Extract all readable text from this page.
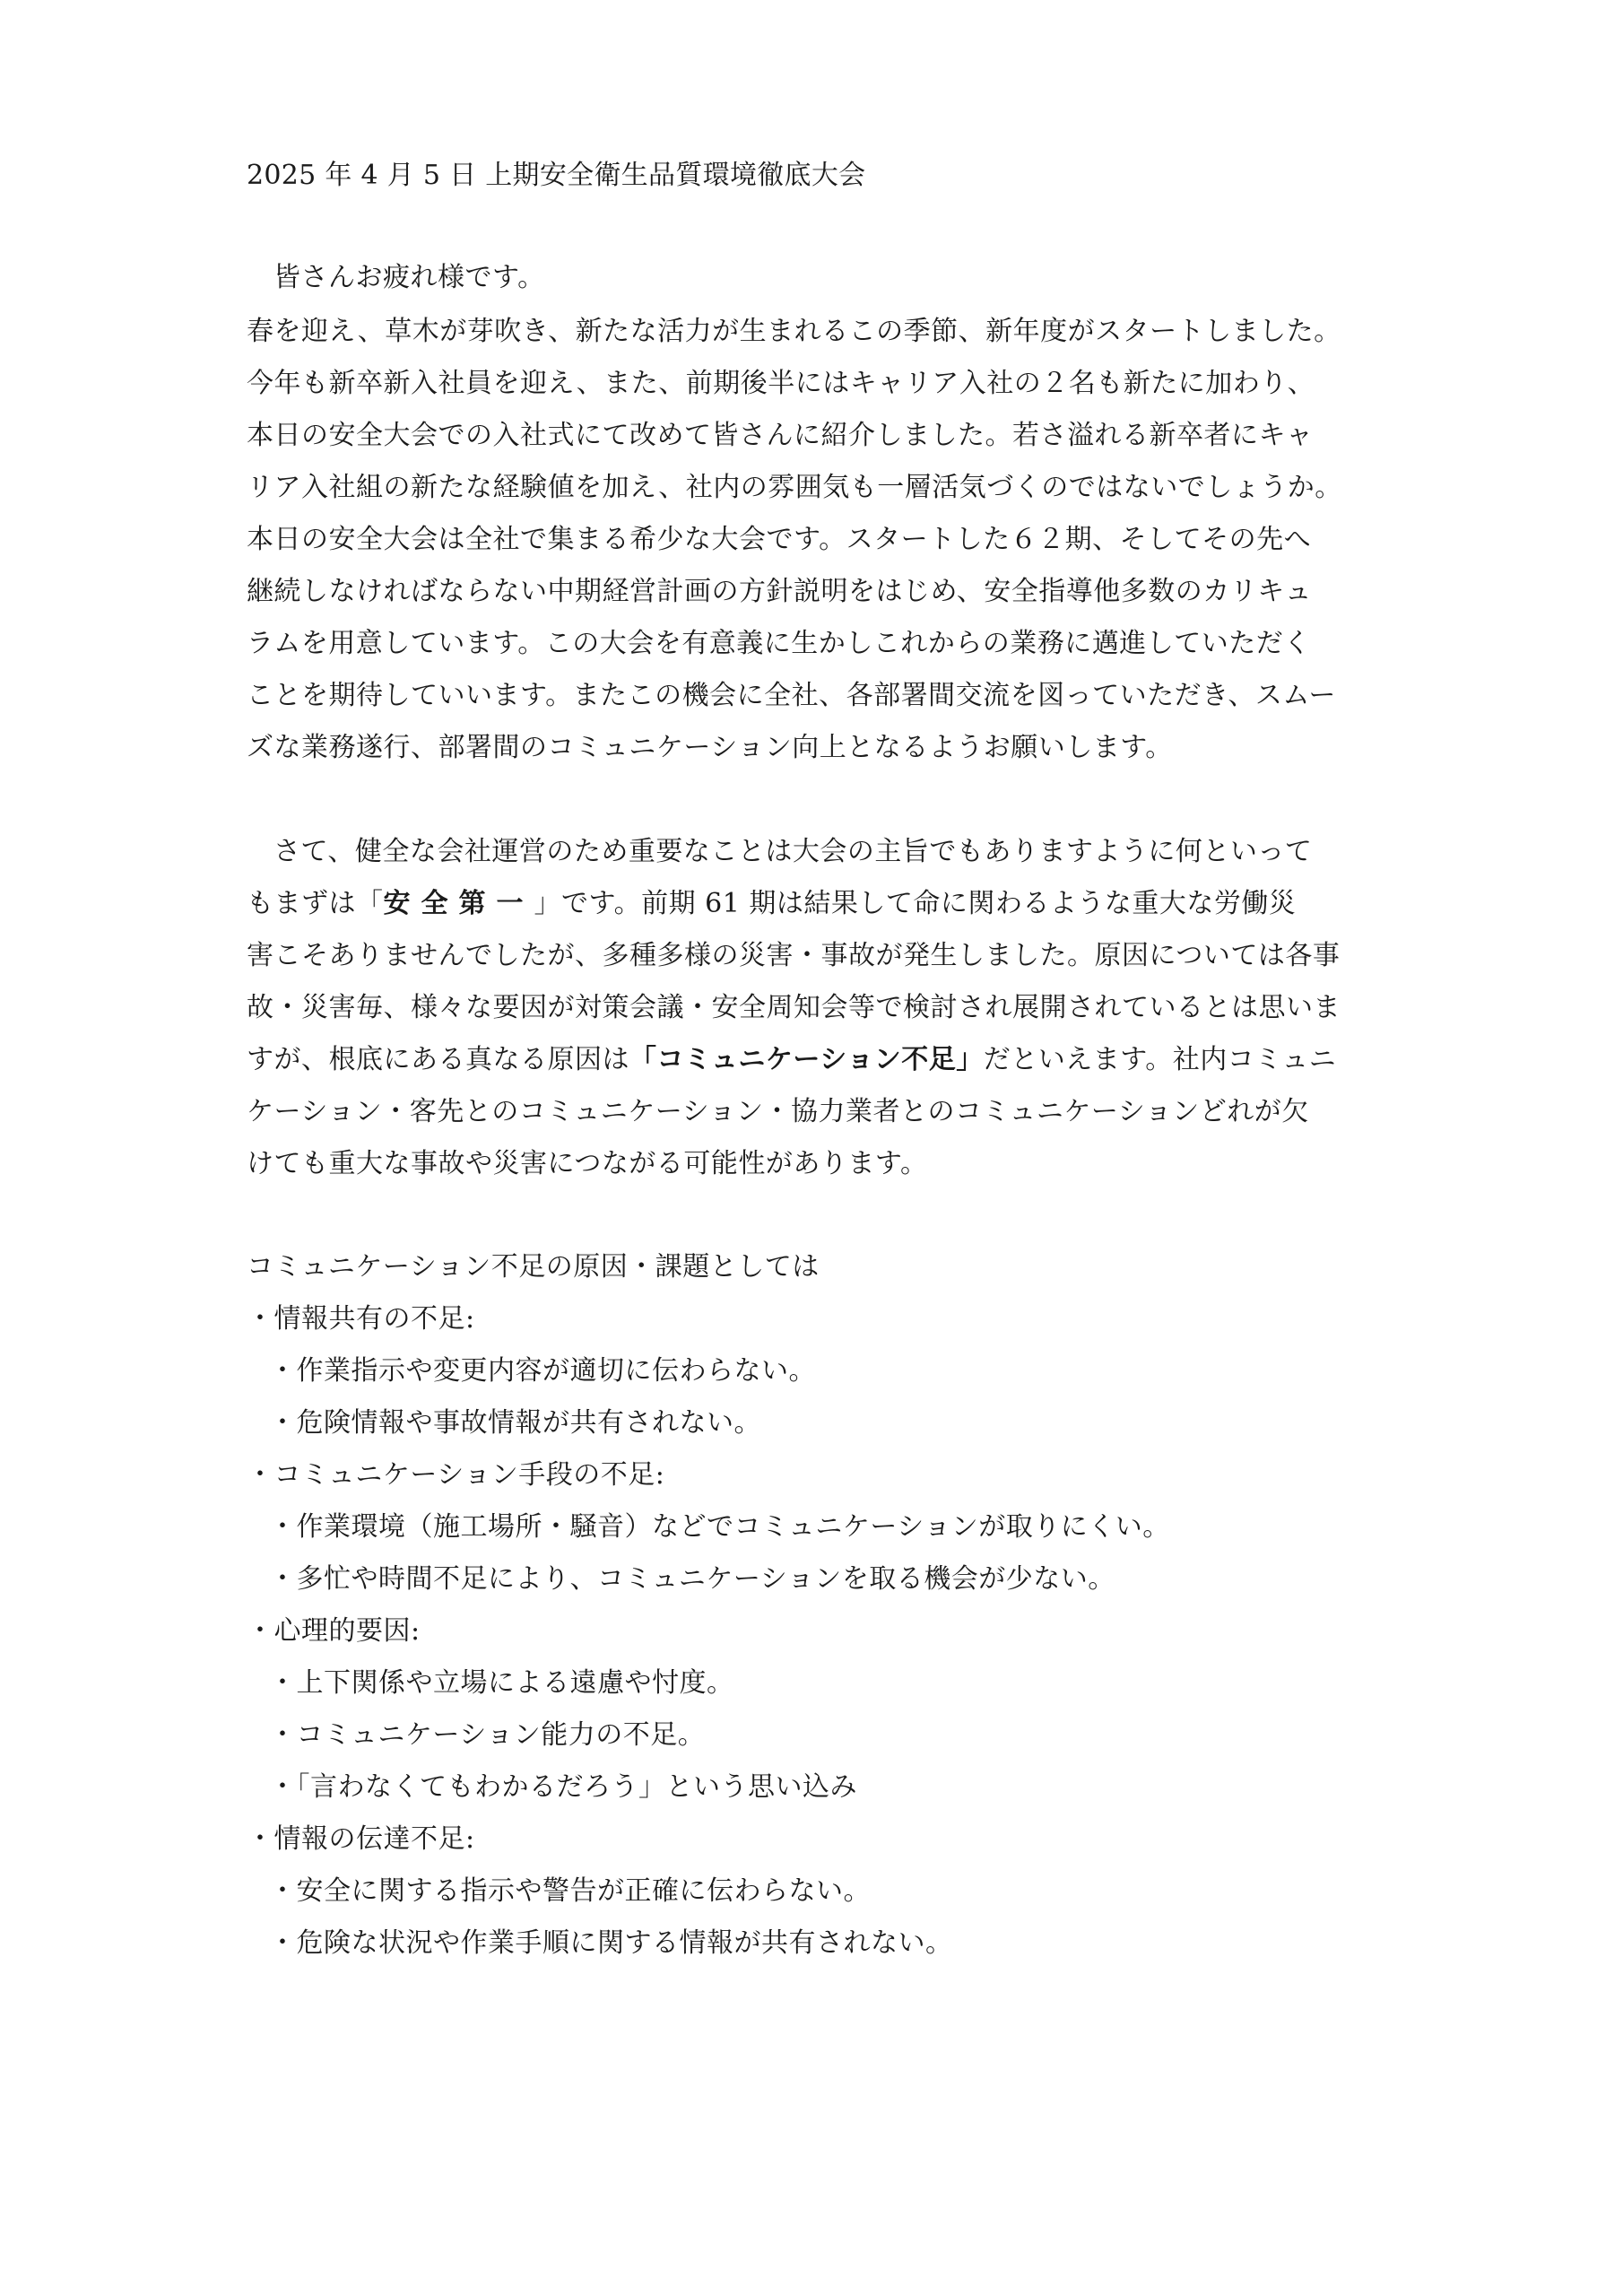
2025 年 4 月 5 日 上期安全衛生品質環境徹底大会
皆さんお疲れ様です。
春を迎え、草木が芽吹き、新たな活力が生まれるこの季節、新年度がスタートしました。
今年も新卒新入社員を迎え、また、前期後半にはキャリア入社の２名も新たに加わり、
本日の安全大会での入社式にて改めて皆さんに紹介しました。若さ溢れる新卒者にキャ
リア入社組の新たな経験値を加え、社内の雰囲気も一層活気づくのではないでしょうか。
本日の安全大会は全社で集まる希少な大会です。スタートした６２期、そしてその先へ
継続しなければならない中期経営計画の方針説明をはじめ、安全指導他多数のカリキュ
ラムを用意しています。この大会を有意義に生かしこれからの業務に邁進していただく
ことを期待していいます。またこの機会に全社、各部署間交流を図っていただき、スムー
ズな業務遂行、部署間のコミュニケーション向上となるようお願いします。
さて、健全な会社運営のため重要なことは大会の主旨でもありますように何といって
もまずは「安全第一」です。前期 61 期は結果して命に関わるような重大な労働災
害こそありませんでしたが、多種多様の災害・事故が発生しました。原因については各事
故・災害毎、様々な要因が対策会議・安全周知会等で検討され展開されているとは思いま
すが、根底にある真なる原因は「コミュニケーション不足」だといえます。社内コミュニ
ケーション・客先とのコミュニケーション・協力業者とのコミュニケーションどれが欠
けても重大な事故や災害につながる可能性があります。
コミュニケーション不足の原因・課題としては
・情報共有の不足:
・作業指示や変更内容が適切に伝わらない。
・危険情報や事故情報が共有されない。
・コミュニケーション手段の不足:
・作業環境（施工場所・騒音）などでコミュニケーションが取りにくい。
・多忙や時間不足により、コミュニケーションを取る機会が少ない。
・心理的要因:
・上下関係や立場による遠慮や忖度。
・コミュニケーション能力の不足。
・「言わなくてもわかるだろう」という思い込み
・情報の伝達不足:
・安全に関する指示や警告が正確に伝わらない。
・危険な状況や作業手順に関する情報が共有されない。
